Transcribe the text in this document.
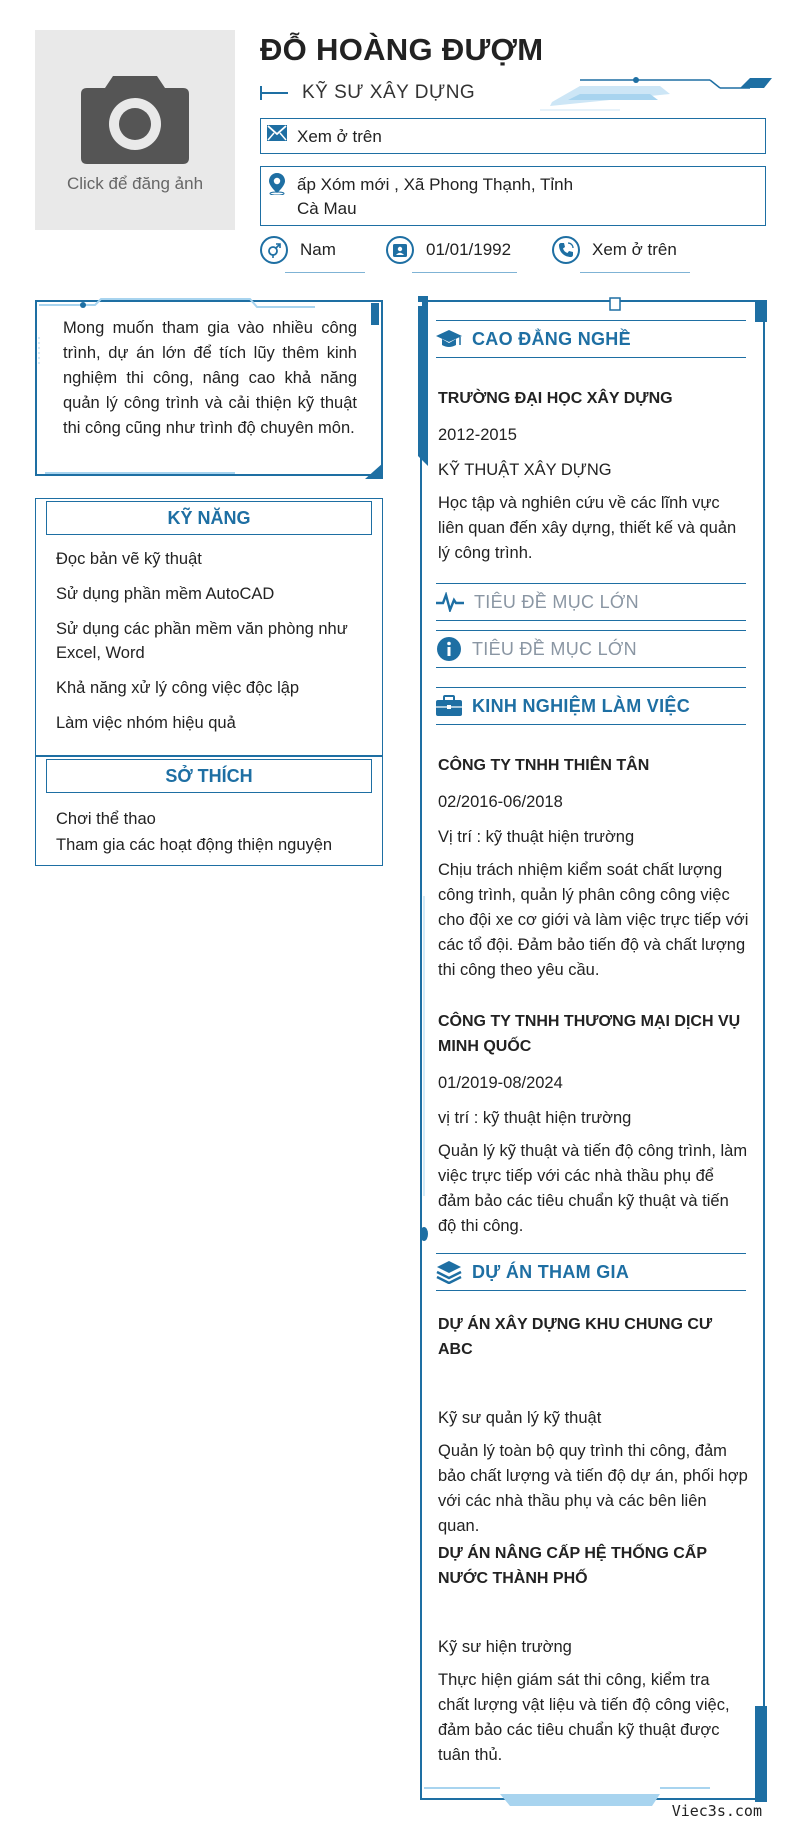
Click để đăng ảnh
ĐỖ HOÀNG ĐƯỢM
KỸ SƯ XÂY DỰNG
Xem ở trên
ấp Xóm mới , Xã Phong Thạnh, Tỉnh Cà Mau
Nam	01/01/1992	Xem ở trên
Mong muốn tham gia vào nhiều công trình, dự án lớn để tích lũy thêm kinh nghiệm thi công, nâng cao khả năng quản lý công trình và cải thiện kỹ thuật thi công cũng như trình độ chuyên môn.
KỸ NĂNG
Đọc bản vẽ kỹ thuật
Sử dụng phần mềm AutoCAD
Sử dụng các phần mềm văn phòng như Excel, Word
Khả năng xử lý công việc độc lập
Làm việc nhóm hiệu quả
SỞ THÍCH
Chơi thể thao
Tham gia các hoạt động thiện nguyện
CAO ĐẲNG NGHỀ
TRƯỜNG ĐẠI HỌC XÂY DỰNG
2012-2015
KỸ THUẬT XÂY DỰNG
Học tập và nghiên cứu về các lĩnh vực liên quan đến xây dựng, thiết kế và quản lý công trình.
TIÊU ĐỀ MỤC LỚN
TIÊU ĐỀ MỤC LỚN
KINH NGHIỆM LÀM VIỆC
CÔNG TY TNHH THIÊN TÂN
02/2016-06/2018
Vị trí : kỹ thuật hiện trường
Chịu trách nhiệm kiểm soát chất lượng công trình, quản lý phân công công việc cho đội xe cơ giới và làm việc trực tiếp với các tổ đội. Đảm bảo tiến độ và chất lượng thi công theo yêu cầu.
CÔNG TY TNHH THƯƠNG MẠI DỊCH VỤ MINH QUỐC
01/2019-08/2024
vị trí : kỹ thuật hiện trường
Quản lý kỹ thuật và tiến độ công trình, làm việc trực tiếp với các nhà thầu phụ để đảm bảo các tiêu chuẩn kỹ thuật và tiến độ thi công.
DỰ ÁN THAM GIA
DỰ ÁN XÂY DỰNG KHU CHUNG CƯ ABC
Kỹ sư quản lý kỹ thuật
Quản lý toàn bộ quy trình thi công, đảm bảo chất lượng và tiến độ dự án, phối hợp với các nhà thầu phụ và các bên liên quan.
DỰ ÁN NÂNG CẤP HỆ THỐNG CẤP NƯỚC THÀNH PHỐ
Kỹ sư hiện trường
Thực hiện giám sát thi công, kiểm tra chất lượng vật liệu và tiến độ công việc, đảm bảo các tiêu chuẩn kỹ thuật được tuân thủ.
Viec3s.com
